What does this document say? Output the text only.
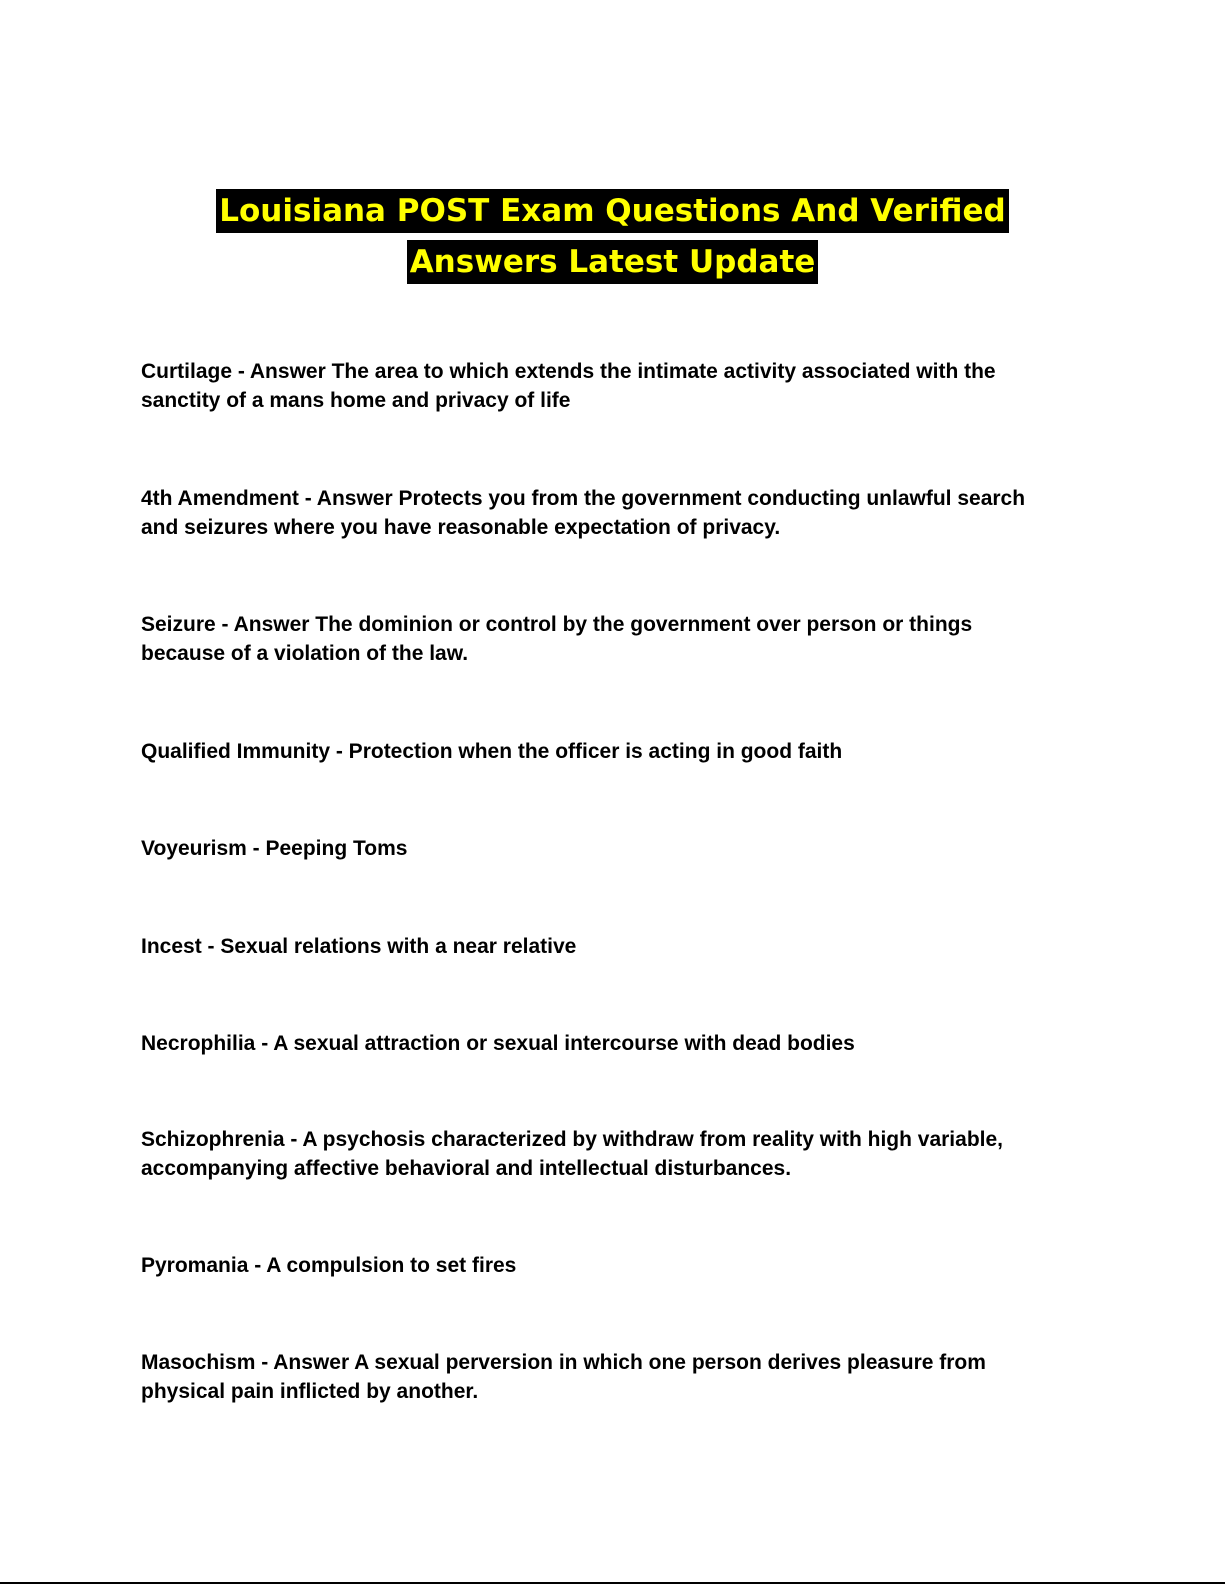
Louisiana POST Exam Questions And Verified
Answers Latest Update
Curtilage - Answer The area to which extends the intimate activity associated with the
sanctity of a mans home and privacy of life
4th Amendment - Answer Protects you from the government conducting unlawful search
and seizures where you have reasonable expectation of privacy.
Seizure - Answer The dominion or control by the government over person or things
because of a violation of the law.
Qualified Immunity - Protection when the officer is acting in good faith
Voyeurism - Peeping Toms
Incest - Sexual relations with a near relative
Necrophilia - A sexual attraction or sexual intercourse with dead bodies
Schizophrenia - A psychosis characterized by withdraw from reality with high variable,
accompanying affective behavioral and intellectual disturbances.
Pyromania - A compulsion to set fires
Masochism - Answer A sexual perversion in which one person derives pleasure from
physical pain inflicted by another.
